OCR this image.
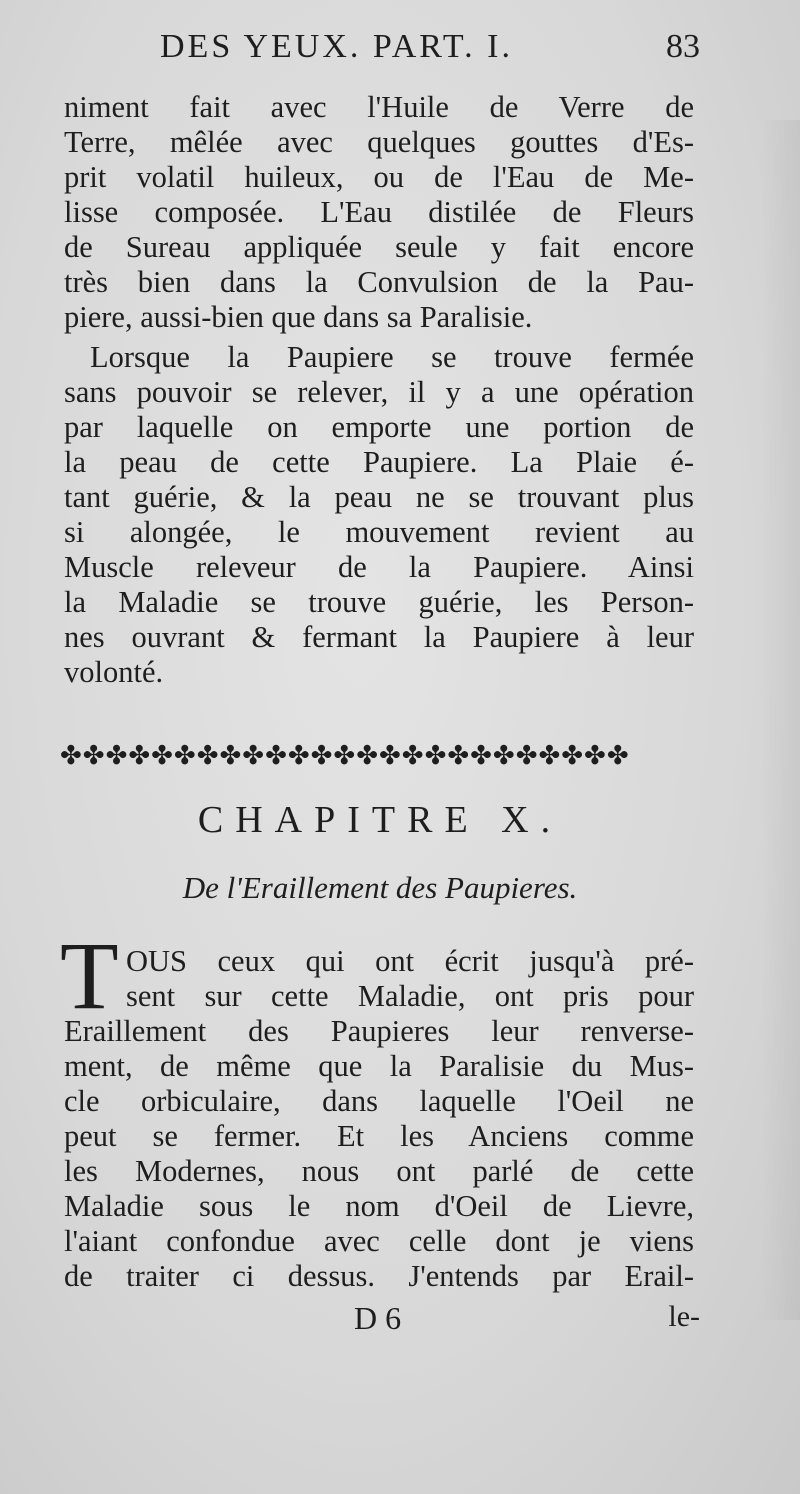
DES YEUX. PART. I.	83
niment fait avec l'Huile de Verre de
Terre, mêlée avec quelques gouttes d'Es-
prit volatil huileux, ou de l'Eau de Me-
lisse composée. L'Eau distilée de Fleurs
de Sureau appliquée seule y fait encore
très bien dans la Convulsion de la Pau-
piere, aussi-bien que dans sa Paralisie.
Lorsque la Paupiere se trouve fermée
sans pouvoir se relever, il y a une opération
par laquelle on emporte une portion de
la peau de cette Paupiere. La Plaie é-
tant guérie, & la peau ne se trouvant plus
si alongée, le mouvement revient au
Muscle releveur de la Paupiere. Ainsi
la Maladie se trouve guérie, les Person-
nes ouvrant & fermant la Paupiere à leur
volonté.
✤✤✤✤✤✤✤✤✤✤✤✤✤✤✤✤✤✤✤✤✤✤✤✤✤
CHAPITRE X.
De l'Eraillement des Paupieres.
T OUS ceux qui ont écrit jusqu'à pré-
sent sur cette Maladie, ont pris pour
Eraillement des Paupieres leur renverse-
ment, de même que la Paralisie du Mus-
cle orbiculaire, dans laquelle l'Oeil ne
peut se fermer. Et les Anciens comme
les Modernes, nous ont parlé de cette
Maladie sous le nom d'Oeil de Lievre,
l'aiant confondue avec celle dont je viens
de traiter ci dessus. J'entends par Erail-
D 6	le-
